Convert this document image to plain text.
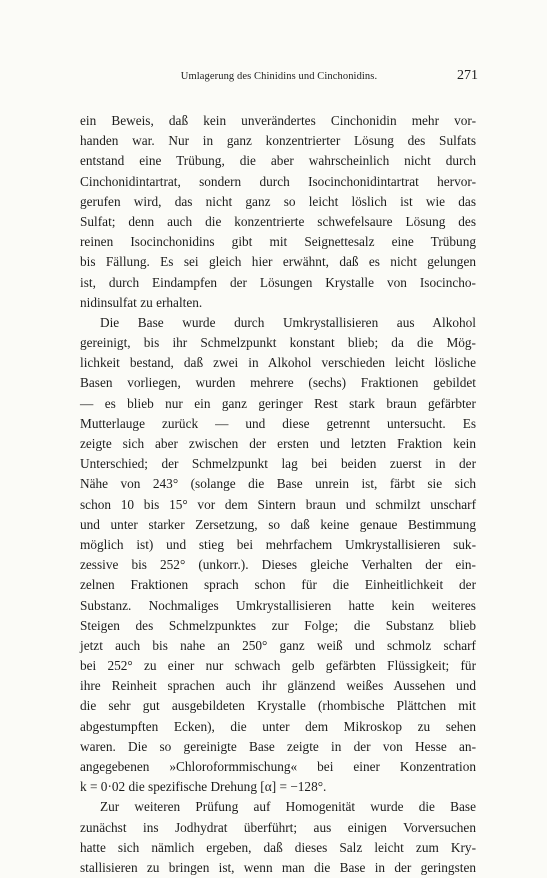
Umlagerung des Chinidins und Cinchonidins.	271
ein Beweis, daß kein unverändertes Cinchonidin mehr vor-
handen war. Nur in ganz konzentrierter Lösung des Sulfats
entstand eine Trübung, die aber wahrscheinlich nicht durch
Cinchonidintartrat, sondern durch Isocinchonidintartrat hervor-
gerufen wird, das nicht ganz so leicht löslich ist wie das
Sulfat; denn auch die konzentrierte schwefelsaure Lösung des
reinen Isocinchonidins gibt mit Seignettesalz eine Trübung
bis Fällung. Es sei gleich hier erwähnt, daß es nicht gelungen
ist, durch Eindampfen der Lösungen Krystalle von Isocincho-
nidinsulfat zu erhalten.
Die Base wurde durch Umkrystallisieren aus Alkohol
gereinigt, bis ihr Schmelzpunkt konstant blieb; da die Mög-
lichkeit bestand, daß zwei in Alkohol verschieden leicht lösliche
Basen vorliegen, wurden mehrere (sechs) Fraktionen gebildet
— es blieb nur ein ganz geringer Rest stark braun gefärbter
Mutterlauge zurück — und diese getrennt untersucht. Es
zeigte sich aber zwischen der ersten und letzten Fraktion kein
Unterschied; der Schmelzpunkt lag bei beiden zuerst in der
Nähe von 243° (solange die Base unrein ist, färbt sie sich
schon 10 bis 15° vor dem Sintern braun und schmilzt unscharf
und unter starker Zersetzung, so daß keine genaue Bestimmung
möglich ist) und stieg bei mehrfachem Umkrystallisieren suk-
zessive bis 252° (unkorr.). Dieses gleiche Verhalten der ein-
zelnen Fraktionen sprach schon für die Einheitlichkeit der
Substanz. Nochmaliges Umkrystallisieren hatte kein weiteres
Steigen des Schmelzpunktes zur Folge; die Substanz blieb
jetzt auch bis nahe an 250° ganz weiß und schmolz scharf
bei 252° zu einer nur schwach gelb gefärbten Flüssigkeit; für
ihre Reinheit sprachen auch ihr glänzend weißes Aussehen und
die sehr gut ausgebildeten Krystalle (rhombische Plättchen mit
abgestumpften Ecken), die unter dem Mikroskop zu sehen
waren. Die so gereinigte Base zeigte in der von Hesse an-
angegebenen »Chloroformmischung« bei einer Konzentration
k = 0·02 die spezifische Drehung [α] = −128°.
Zur weiteren Prüfung auf Homogenität wurde die Base
zunächst ins Jodhydrat überführt; aus einigen Vorversuchen
hatte sich nämlich ergeben, daß dieses Salz leicht zum Kry-
stallisieren zu bringen ist, wenn man die Base in der geringsten
